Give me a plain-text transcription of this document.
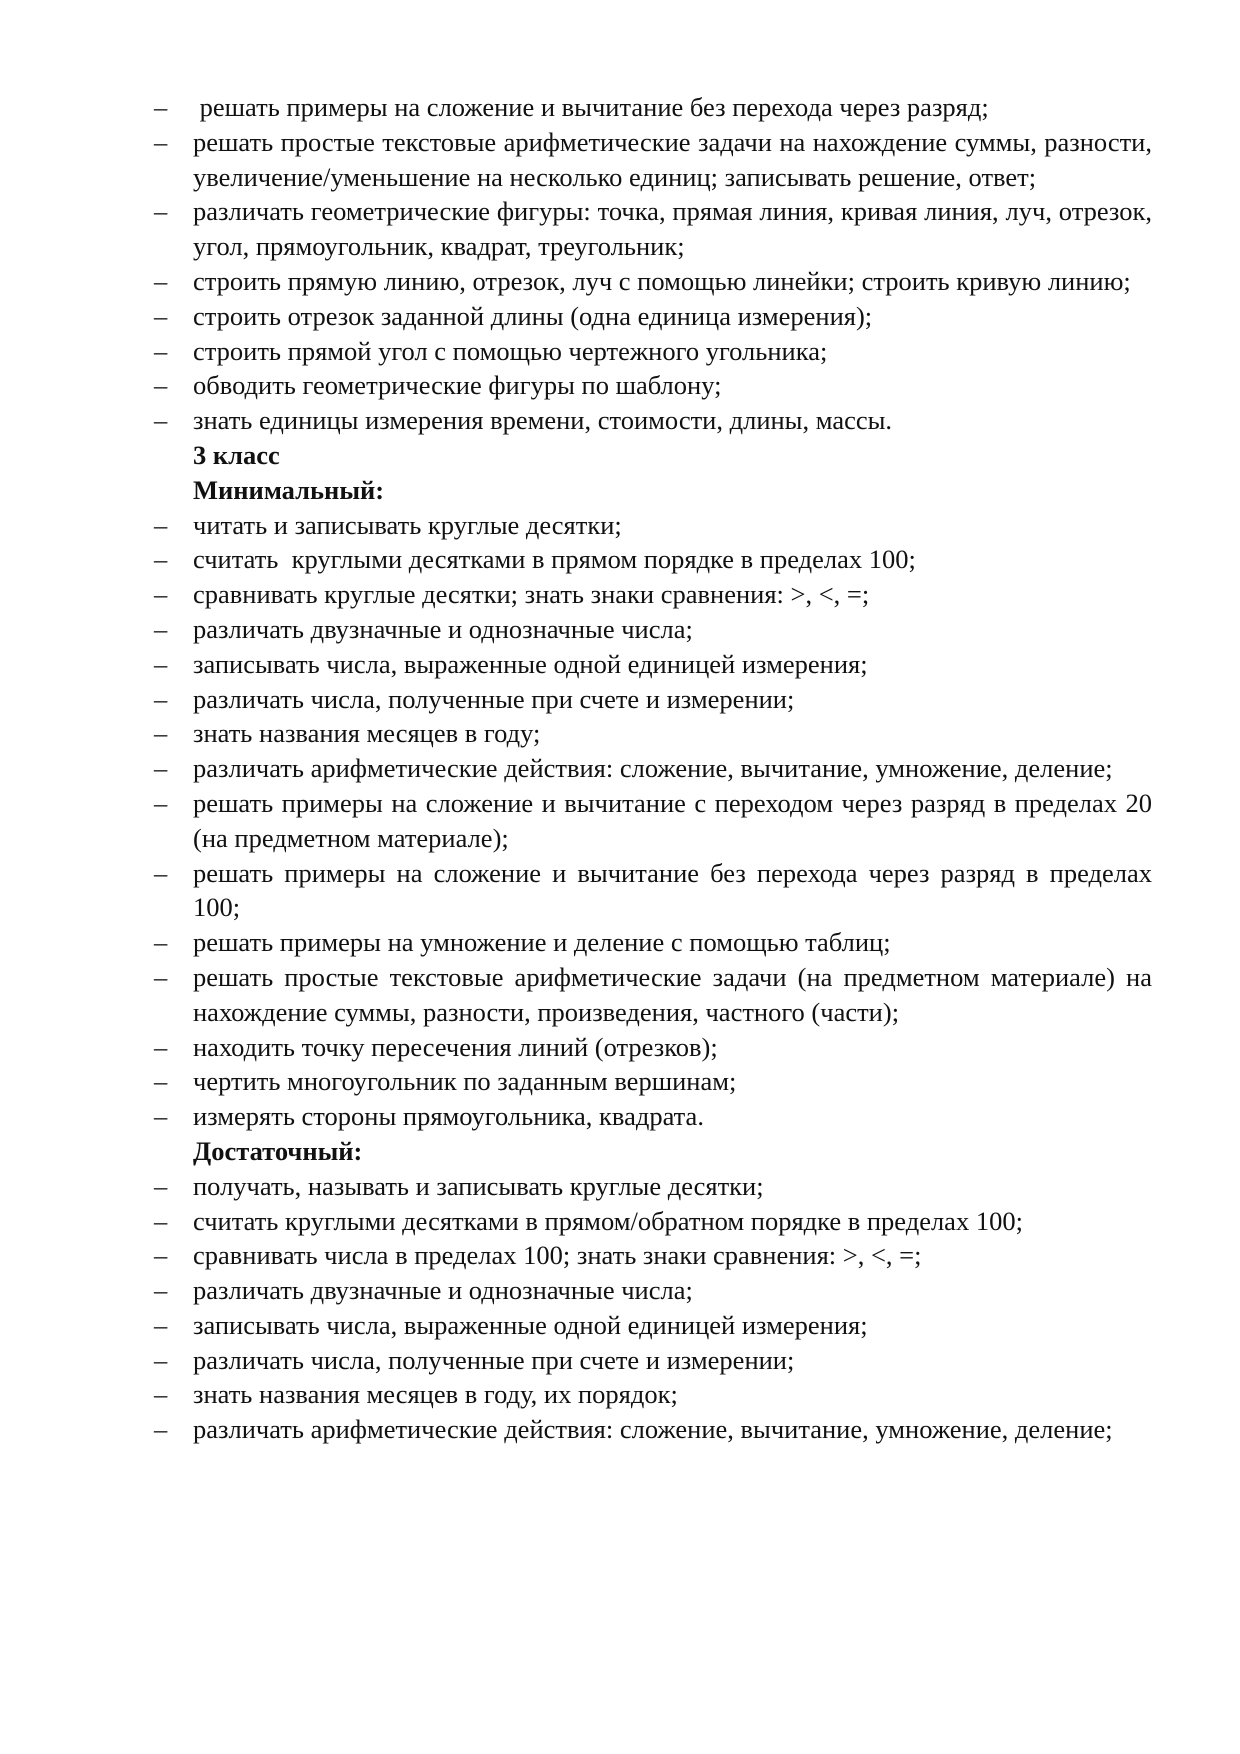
– решать примеры на сложение и вычитание без перехода через разряд;
– решать простые текстовые арифметические задачи на нахождение суммы, разности, увеличение/уменьшение на несколько единиц; записывать решение, ответ;
– различать геометрические фигуры: точка, прямая линия, кривая линия, луч, отрезок, угол, прямоугольник, квадрат, треугольник;
– строить прямую линию, отрезок, луч с помощью линейки; строить кривую линию;
– строить отрезок заданной длины (одна единица измерения);
– строить прямой угол с помощью чертежного угольника;
– обводить геометрические фигуры по шаблону;
– знать единицы измерения времени, стоимости, длины, массы.
3 класс
Минимальный:
– читать и записывать круглые десятки;
– считать  круглыми десятками в прямом порядке в пределах 100;
– сравнивать круглые десятки; знать знаки сравнения: >, <, =;
– различать двузначные и однозначные числа;
– записывать числа, выраженные одной единицей измерения;
– различать числа, полученные при счете и измерении;
– знать названия месяцев в году;
– различать арифметические действия: сложение, вычитание, умножение, деление;
– решать примеры на сложение и вычитание с переходом через разряд в пределах 20 (на предметном материале);
– решать примеры на сложение и вычитание без перехода через разряд в пределах 100;
– решать примеры на умножение и деление с помощью таблиц;
– решать простые текстовые арифметические задачи (на предметном материале) на нахождение суммы, разности, произведения, частного (части);
– находить точку пересечения линий (отрезков);
– чертить многоугольник по заданным вершинам;
– измерять стороны прямоугольника, квадрата.
Достаточный:
– получать, называть и записывать круглые десятки;
– считать круглыми десятками в прямом/обратном порядке в пределах 100;
– сравнивать числа в пределах 100; знать знаки сравнения: >, <, =;
– различать двузначные и однозначные числа;
– записывать числа, выраженные одной единицей измерения;
– различать числа, полученные при счете и измерении;
– знать названия месяцев в году, их порядок;
– различать арифметические действия: сложение, вычитание, умножение, деление;
